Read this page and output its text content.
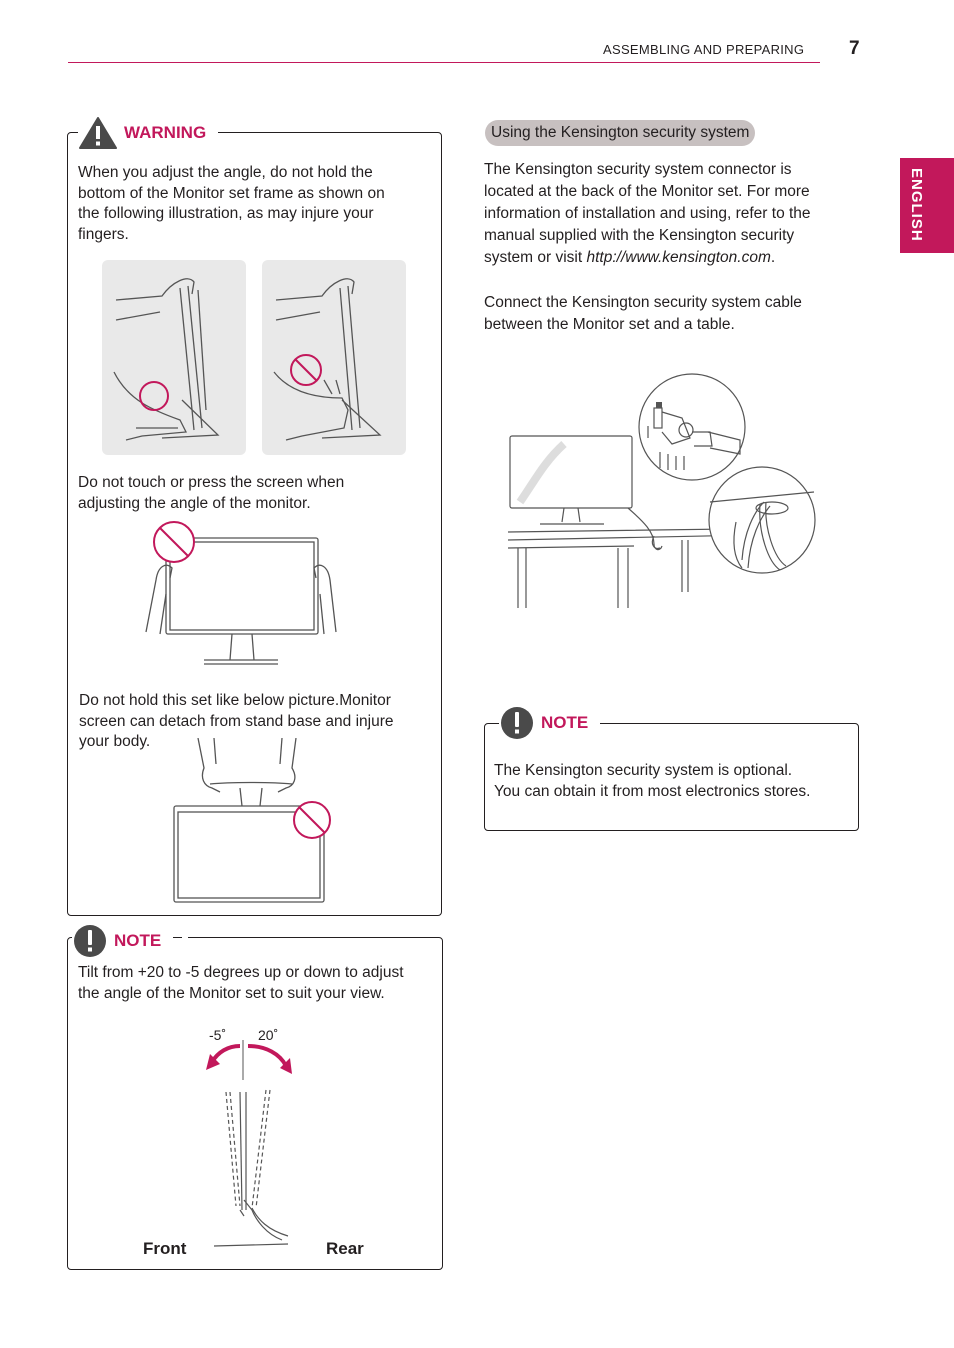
ASSEMBLING AND PREPARING 7
ENGLISH
WARNING
When you adjust the angle, do not hold the
bottom of the Monitor set frame as shown on
the following illustration, as may injure your
fingers.
Do not touch or press the screen when
adjusting the angle of the monitor.
Do not hold this set like below picture.Monitor
screen can detach from stand base and injure
your body.
NOTE
Tilt from +20 to -5 degrees up or down to adjust
the angle of the Monitor set to suit your view.
-5˚ 20˚
Front	Rear
Using the Kensington security system
The Kensington security system connector is
located at the back of the Monitor set. For more
information of installation and using, refer to the
manual supplied with the Kensington security
system or visit http://www.kensington.com.
Connect the Kensington security system cable
between the Monitor set and a table.
NOTE
The Kensington security system is optional.
You can obtain it from most electronics stores.
